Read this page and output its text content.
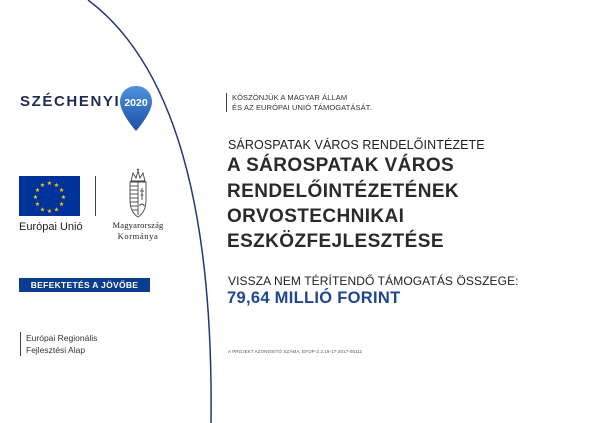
SZÉCHENYI 2020
★ ★
★
★
★
★
★
★
★
★
★
★
Európai Unió	Magyarország
Kormánya
BEFEKTETÉS A JÖVŐBE
Európai Regionális
Fejlesztési Alap
KÖSZÖNJÜK A MAGYAR ÁLLAM
ÉS AZ EURÓPAI UNIÓ TÁMOGATÁSÁT.
SÁROSPATAK VÁROS RENDELŐINTÉZETE
A SÁROSPATAK VÁROS
RENDELŐINTÉZETÉNEK
ORVOSTECHNIKAI
ESZKÖZFEJLESZTÉSE
VISSZA NEM TÉRÍTENDŐ TÁMOGATÁS ÖSSZEGE:
79,64 MILLIÓ FORINT
A PROJEKT AZONOSÍTÓ SZÁMA: EFOP-2.2.19-17-2017-00111
